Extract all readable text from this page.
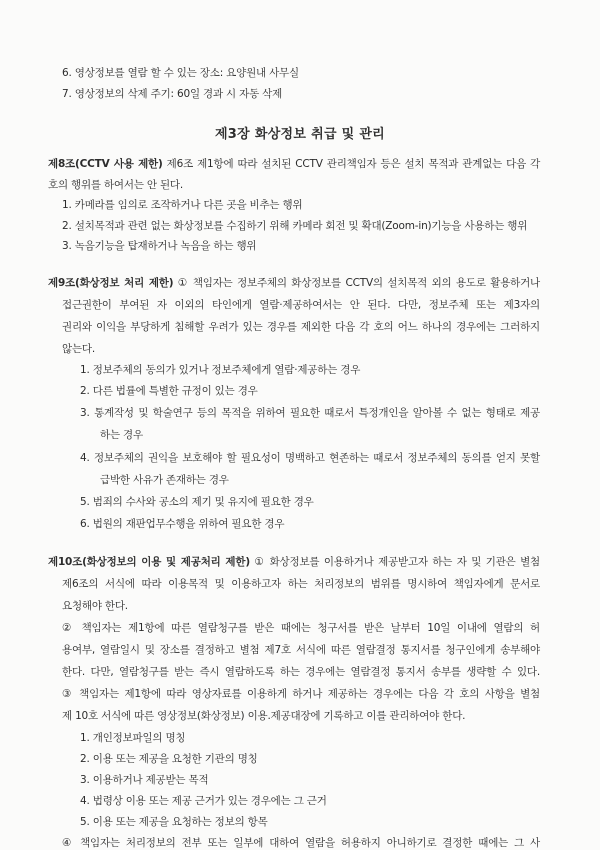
6. 영상정보를 열람 할 수 있는 장소: 요양원내 사무실
7. 영상정보의 삭제 주기: 60일 경과 시 자동 삭제
제3장 화상정보 취급 및 관리
제8조(CCTV 사용 제한) 제6조 제1항에 따라 설치된 CCTV 관리책임자 등은 설치 목적과 관계없는 다음 각
호의 행위를 하여서는 안 된다.
1. 카메라를 임의로 조작하거나 다른 곳을 비추는 행위
2. 설치목적과 관련 없는 화상정보를 수집하기 위해 카메라 회전 및 확대(Zoom-in)기능을 사용하는 행위
3. 녹음기능을 탑재하거나 녹음을 하는 행위
제9조(화상정보 처리 제한) ① 책임자는 정보주체의 화상정보를 CCTV의 설치목적 외의 용도로 활용하거나
접근권한이 부여된 자 이외의 타인에게 열람·제공하여서는 안 된다. 다만, 정보주체 또는 제3자의
권리와 이익을 부당하게 침해할 우려가 있는 경우를 제외한 다음 각 호의 어느 하나의 경우에는 그러하지
않는다.
1. 정보주체의 동의가 있거나 정보주체에게 열람·제공하는 경우
2. 다른 법률에 특별한 규정이 있는 경우
3. 통계작성 및 학술연구 등의 목적을 위하여 필요한 때로서 특정개인을 알아볼 수 없는 형태로 제공
하는 경우
4. 정보주체의 권익을 보호해야 할 필요성이 명백하고 현존하는 때로서 정보주체의 동의를 얻지 못할
급박한 사유가 존재하는 경우
5. 범죄의 수사와 공소의 제기 및 유지에 필요한 경우
6. 법원의 재판업무수행을 위하여 필요한 경우
제10조(화상정보의 이용 및 제공처리 제한) ① 화상정보를 이용하거나 제공받고자 하는 자 및 기관은 별첨
제6조의 서식에 따라 이용목적 및 이용하고자 하는 처리정보의 범위를 명시하여 책임자에게 문서로
요청해야 한다.
② 책임자는 제1항에 따른 열람청구를 받은 때에는 청구서를 받은 날부터 10일 이내에 열람의 허
용여부, 열람일시 및 장소를 결정하고 별첨 제7호 서식에 따른 열람결정 통지서를 청구인에게 송부해야
한다. 다만, 열람청구를 받는 즉시 열람하도록 하는 경우에는 열람결정 통지서 송부를 생략할 수 있다.
③ 책임자는 제1항에 따라 영상자료를 이용하게 하거나 제공하는 경우에는 다음 각 호의 사항을 별첨
제 10호 서식에 따른 영상정보(화상정보) 이용.제공대장에 기록하고 이를 관리하여야 한다.
1. 개인정보파일의 명칭
2. 이용 또는 제공을 요청한 기관의 명칭
3. 이용하거나 제공받는 목적
4. 법령상 이용 또는 제공 근거가 있는 경우에는 그 근거
5. 이용 또는 제공을 요청하는 정보의 항목
④ 책임자는 처리정보의 전부 또는 일부에 대하여 열람을 허용하지 아니하기로 결정한 때에는 그 사
